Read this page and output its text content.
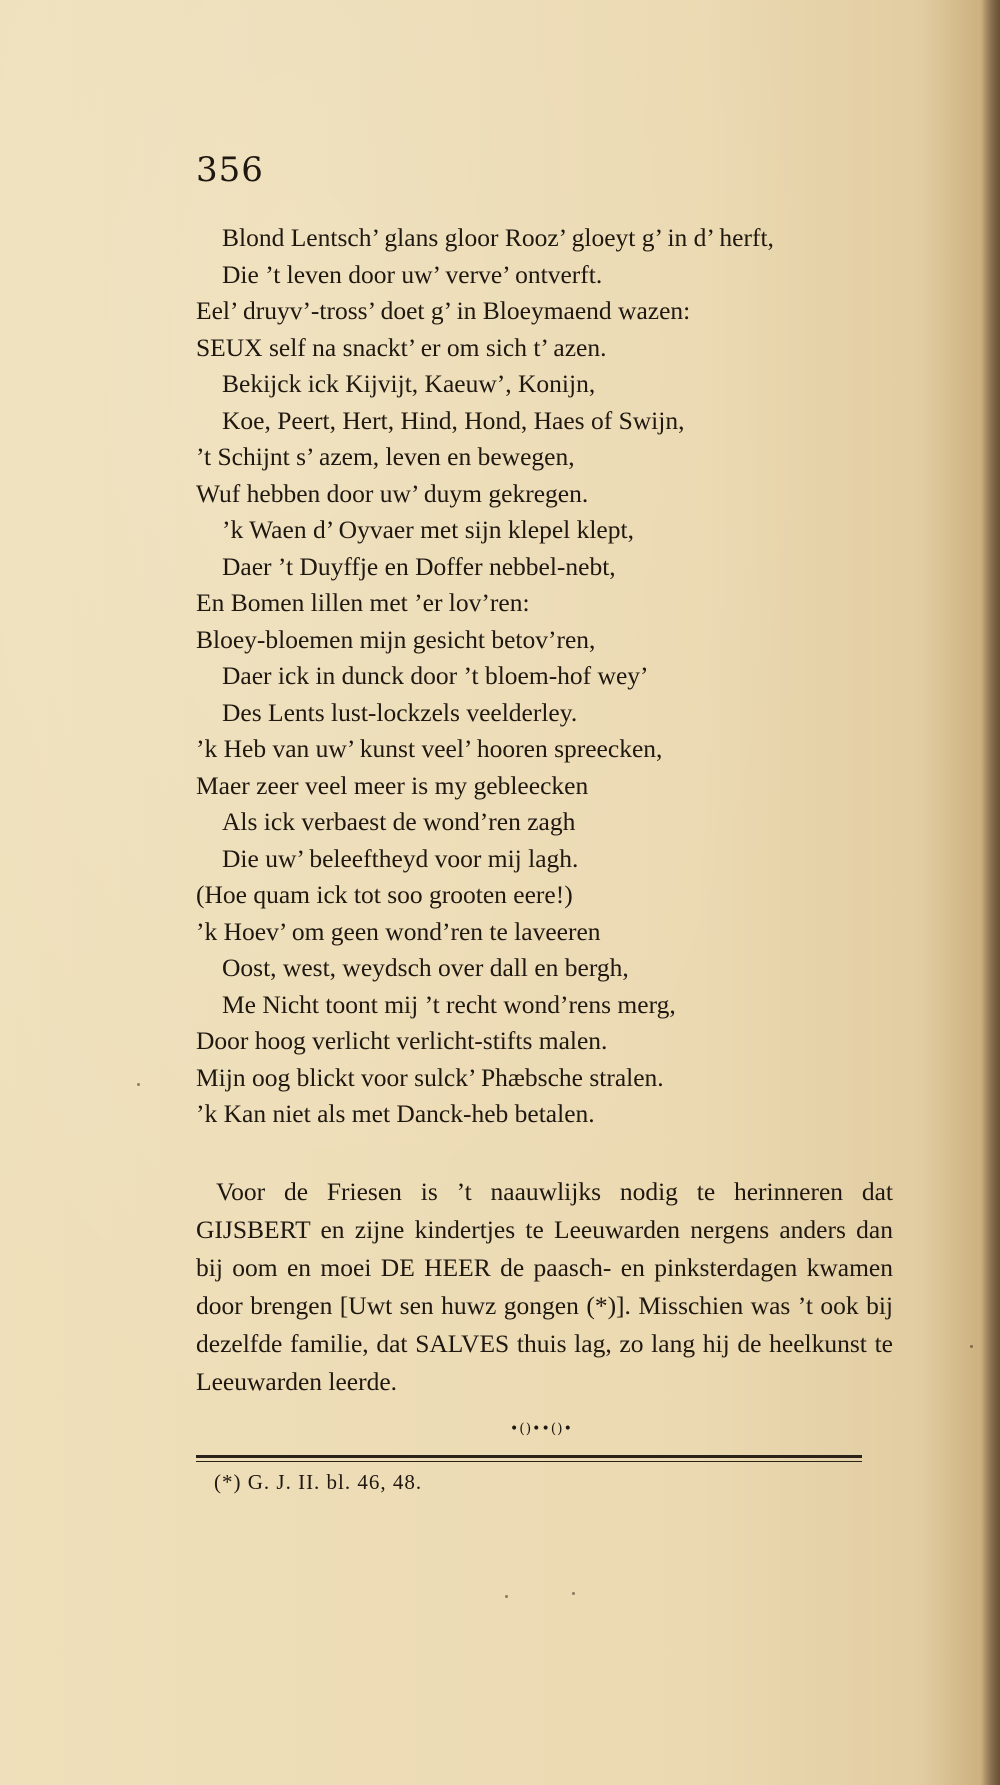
356
Blond Lentsch’ glans gloor Rooz’ gloeyt g’ in d’ herft,
Die ’t leven door uw’ verve’ ontverft.
Eel’ druyv’-tross’ doet g’ in Bloeymaend wazen:
SEUX self na snackt’ er om sich t’ azen.
Bekijck ick Kijvijt, Kaeuw’, Konijn,
Koe, Peert, Hert, Hind, Hond, Haes of Swijn,
’t Schijnt s’ azem, leven en bewegen,
Wuf hebben door uw’ duym gekregen.
’k Waen d’ Oyvaer met sijn klepel klept,
Daer ’t Duyffje en Doffer nebbel-nebt,
En Bomen lillen met ’er lov’ren:
Bloey-bloemen mijn gesicht betov’ren,
Daer ick in dunck door ’t bloem-hof wey’
Des Lents lust-lockzels veelderley.
’k Heb van uw’ kunst veel’ hooren spreecken,
Maer zeer veel meer is my gebleecken
Als ick verbaest de wond’ren zagh
Die uw’ beleeftheyd voor mij lagh.
(Hoe quam ick tot soo grooten eere!)
’k Hoev’ om geen wond’ren te laveeren
Oost, west, weydsch over dall en bergh,
Me Nicht toont mij ’t recht wond’rens merg,
Door hoog verlicht verlicht-stifts malen.
Mijn oog blickt voor sulck’ Phæbsche stralen.
’k Kan niet als met Danck-heb betalen.

Voor de Friesen is ’t naauwlijks nodig te herinneren dat GIJSBERT en zijne kindertjes te Leeuwarden nergens anders dan bij oom en moei DE HEER de paasch- en pinksterdagen kwamen door brengen [Uwt sen huwz gongen (*)]. Misschien was ’t ook bij dezelfde familie, dat SALVES thuis lag, zo lang hij de heelkunst te Leeuwarden leerde.

•()••()•
(*) G. J. II. bl. 46, 48.
